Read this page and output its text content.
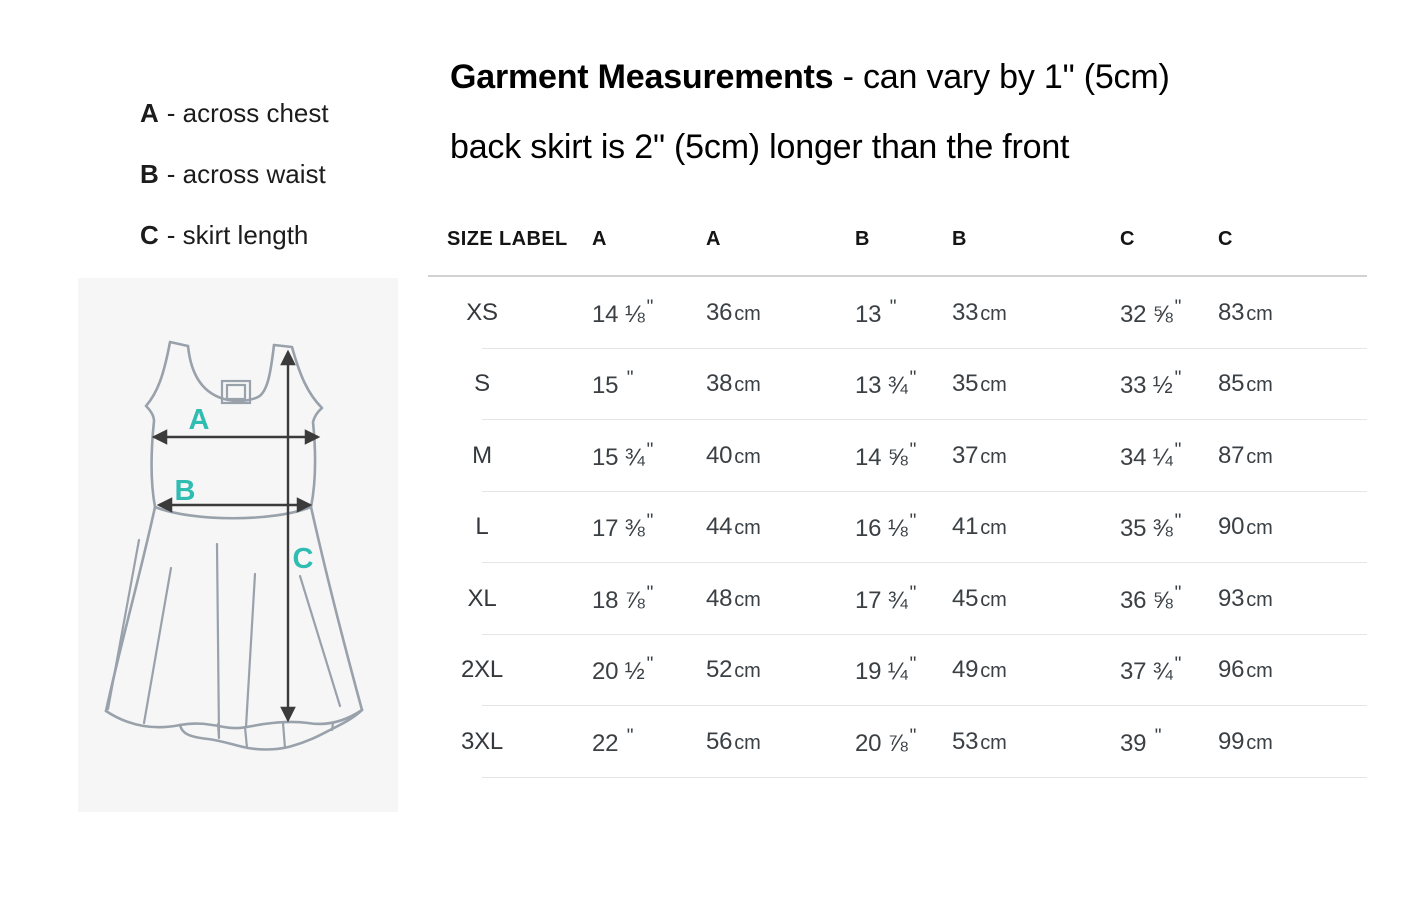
A - across chest
B - across waist
C - skirt length
A
B
C
Garment Measurements - can vary by 1" (5cm)
back skirt is 2" (5cm) longer than the front
SIZE LABEL	A	A	B	B	C	C
XS	14 ⅛ "	36 cm	13 "	33 cm	32 ⅝ "	83 cm
S	15 "	38 cm	13 ¾ "	35 cm	33 ½ "	85 cm
M	15 ¾ "	40 cm	14 ⅝ "	37 cm	34 ¼ "	87 cm
L	17 ⅜ "	44 cm	16 ⅛ "	41 cm	35 ⅜ "	90 cm
XL	18 ⅞ "	48 cm	17 ¾ "	45 cm	36 ⅝ "	93 cm
2XL	20 ½ "	52 cm	19 ¼ "	49 cm	37 ¾ "	96 cm
3XL	22 "	56 cm	20 ⅞ "	53 cm	39 "	99 cm
